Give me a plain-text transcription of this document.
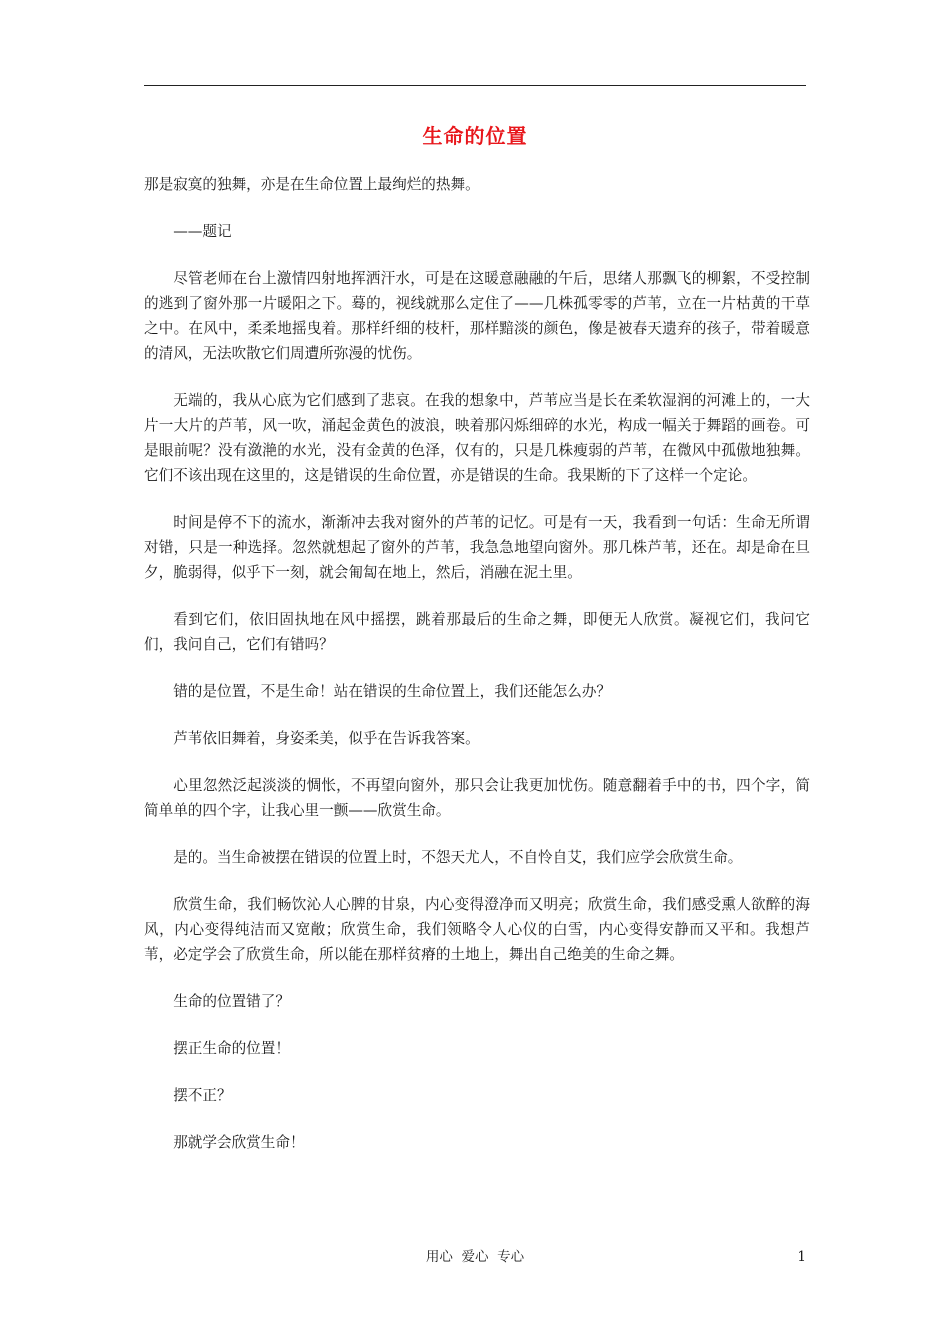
生命的位置

那是寂寞的独舞，亦是在生命位置上最绚烂的热舞。

——题记

尽管老师在台上激情四射地挥洒汗水，可是在这暖意融融的午后，思绪人那飘飞的柳絮，不受控制的逃到了窗外那一片暖阳之下。蓦的，视线就那么定住了——几株孤零零的芦苇，立在一片枯黄的干草之中。在风中，柔柔地摇曳着。那样纤细的枝杆，那样黯淡的颜色，像是被春天遗弃的孩子，带着暖意的清风，无法吹散它们周遭所弥漫的忧伤。

无端的，我从心底为它们感到了悲哀。在我的想象中，芦苇应当是长在柔软湿润的河滩上的，一大片一大片的芦苇，风一吹，涌起金黄色的波浪，映着那闪烁细碎的水光，构成一幅关于舞蹈的画卷。可是眼前呢？没有潋滟的水光，没有金黄的色泽，仅有的，只是几株瘦弱的芦苇，在微风中孤傲地独舞。它们不该出现在这里的，这是错误的生命位置，亦是错误的生命。我果断的下了这样一个定论。

时间是停不下的流水，渐渐冲去我对窗外的芦苇的记忆。可是有一天，我看到一句话：生命无所谓对错，只是一种选择。忽然就想起了窗外的芦苇，我急急地望向窗外。那几株芦苇，还在。却是命在旦夕，脆弱得，似乎下一刻，就会匍匐在地上，然后，消融在泥土里。

看到它们，依旧固执地在风中摇摆，跳着那最后的生命之舞，即便无人欣赏。凝视它们，我问它们，我问自己，它们有错吗？

错的是位置，不是生命！站在错误的生命位置上，我们还能怎么办？

芦苇依旧舞着，身姿柔美，似乎在告诉我答案。

心里忽然泛起淡淡的惆怅，不再望向窗外，那只会让我更加忧伤。随意翻着手中的书，四个字，简简单单的四个字，让我心里一颤——欣赏生命。

是的。当生命被摆在错误的位置上时，不怨天尤人，不自怜自艾，我们应学会欣赏生命。

欣赏生命，我们畅饮沁人心脾的甘泉，内心变得澄净而又明亮；欣赏生命，我们感受熏人欲醉的海风，内心变得纯洁而又宽敞；欣赏生命，我们领略令人心仪的白雪，内心变得安静而又平和。我想芦苇，必定学会了欣赏生命，所以能在那样贫瘠的土地上，舞出自己绝美的生命之舞。

生命的位置错了？

摆正生命的位置！

摆不正？

那就学会欣赏生命！

用心  爱心  专心	1
